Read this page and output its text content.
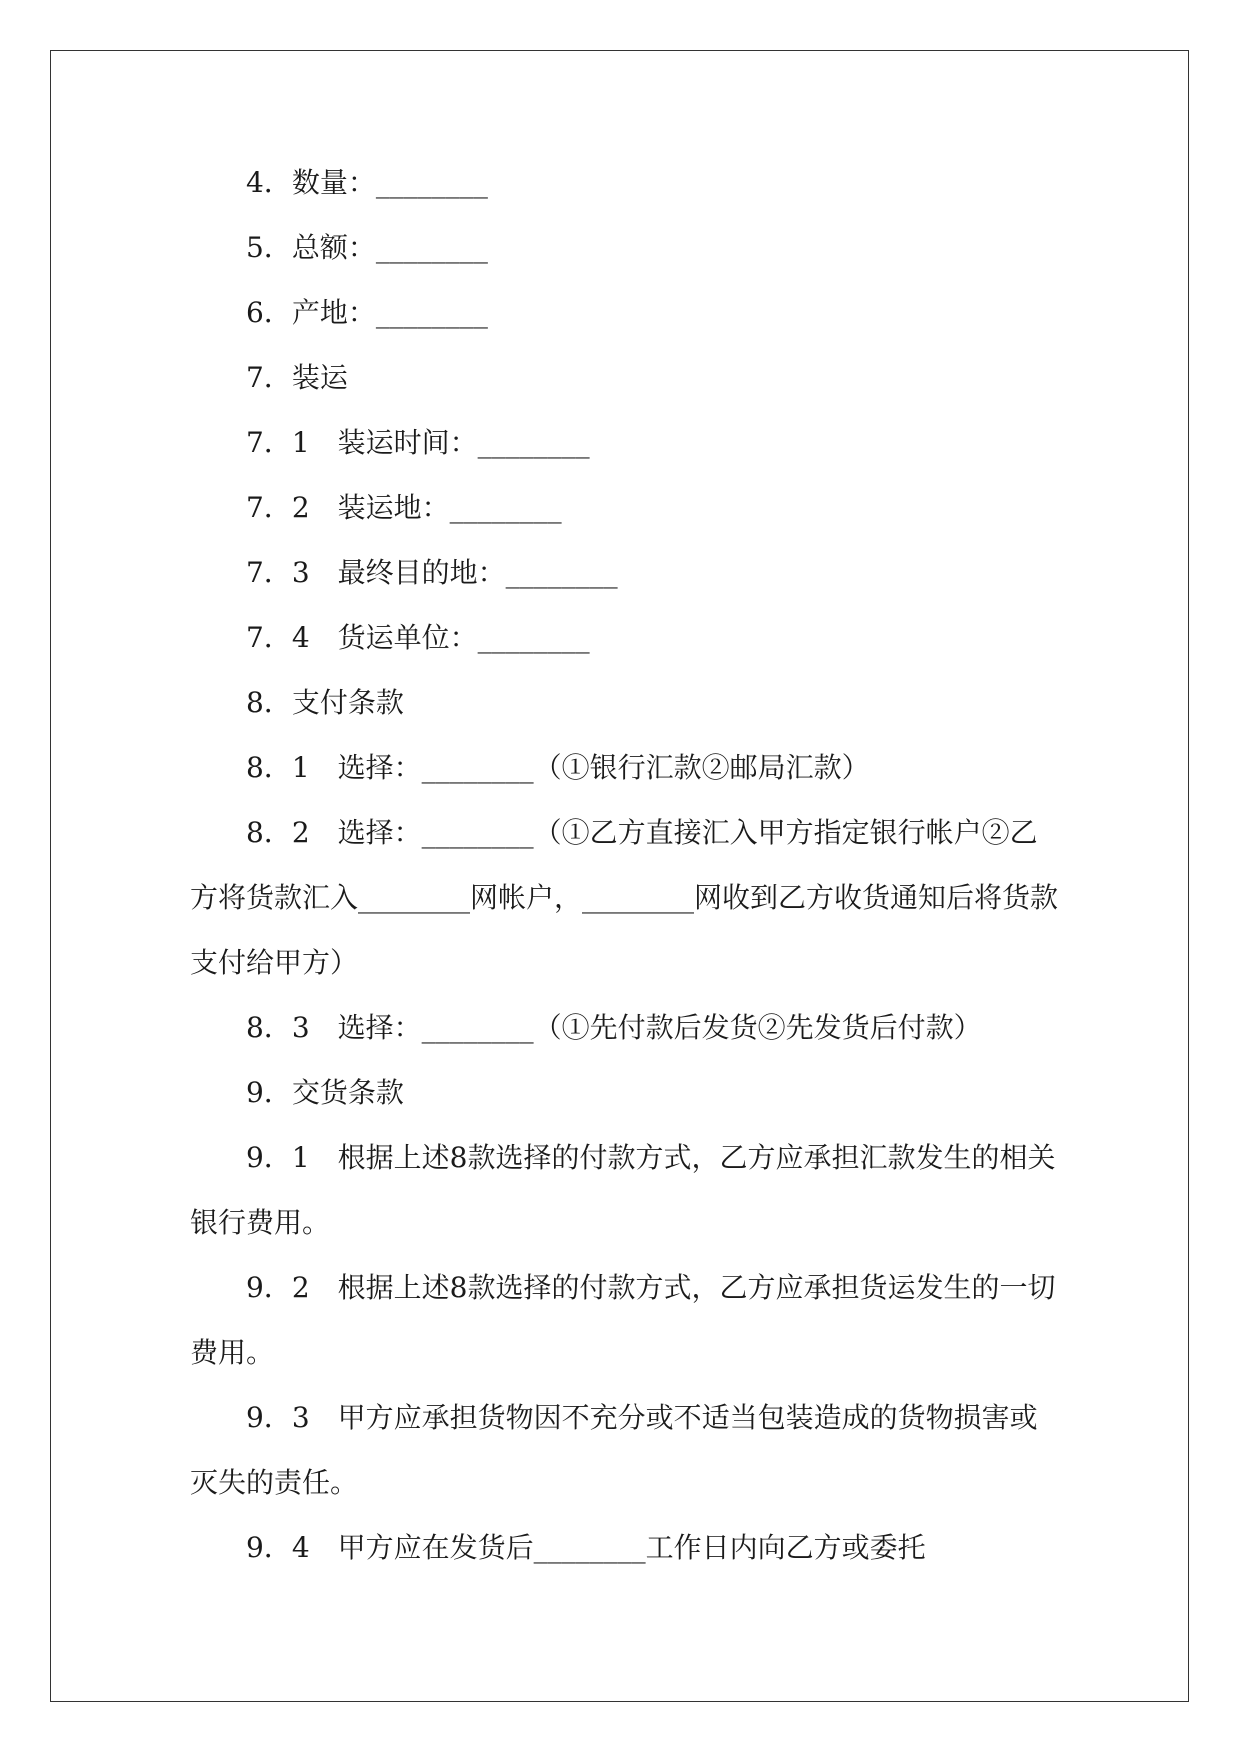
4．数量：________

5．总额：________

6．产地：________

7．装运

7．1　装运时间：________

7．2　装运地：________

7．3　最终目的地：________

7．4　货运单位：________

8．支付条款

8．1　选择：________（①银行汇款②邮局汇款）

8．2　选择：________（①乙方直接汇入甲方指定银行帐户②乙方将货款汇入________网帐户，________网收到乙方收货通知后将货款支付给甲方）

8．3　选择：________（①先付款后发货②先发货后付款）

9．交货条款

9．1　根据上述8款选择的付款方式，乙方应承担汇款发生的相关银行费用。

9．2　根据上述8款选择的付款方式，乙方应承担货运发生的一切费用。

9．3　甲方应承担货物因不充分或不适当包装造成的货物损害或灭失的责任。

9．4　甲方应在发货后________工作日内向乙方或委托
